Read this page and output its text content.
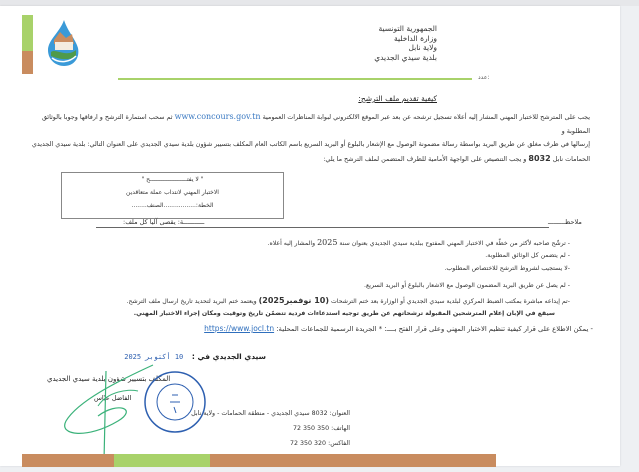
الجمهورية التونسية
وزارة الداخلية
ولاية نابل
بلدية سيدي الجديدي
عدد:
كيفية تقديم ملف الترشح:
يجب على المترشح للاختبار المهني المشار إليه أعلاه تسجيل ترشحه عن بعد عبر الموقع الالكتروني لبوابة المناظرات العمومية www.concours.gov.tn ثم سحب استمارة الترشح و ارفاقها وجوبا بالوثائق المطلوبة و
إرسالها في ظرف مغلق عن طريق البريد بواسطة رسالة مضمونة الوصول مع الإشعار بالبلوغ أو البريد السريع باسم الكاتب العام المكلف بتسيير شؤون بلدية سيدي الجديدي على العنوان التالي: بلدية سيدي الجديدي
الحمامات نابل 8032 و يجب التنصيص على الواجهة الأمامية للظرف المتضمن لملف الترشح ما يلي:
" لا يفتـــــــــــــــــــــح "
الاختبار المهني لانتداب عملة متعاقدين
الخطة:.................الصنف........
ملاحظـــــــــ
ـــــــــــة: يقصى آليا كل ملف:
- ترشّح صاحبه لأكثر من خطّة في الاختبار المهني المفتوح ببلدية سيدي الجديدي بعنوان سنة 2025 والمشار إليه أعلاه.
- لم يتضمن كل الوثائق المطلوبة.
-لا يستجيب لشروط الترشح للاختصاص المطلوب.
- لم يصل عن طريق البريد المضمون الوصول مع الاشعار بالبلوغ أو البريد السريع.
-تم إيداعه مباشرة بمكتب الضبط المركزي لبلدية سيدي الجديدي أو الوزارة بعد ختم الترشحات (10 نوفمبر2025) ويعتمد ختم البريد لتحديد تاريخ ارسال ملف الترشح.
سيقع في الإبان إعلام المترشحين المقبولة ترشحاتهم عن طريق توجيه استدعاءات فردية تتضمّن تاريخ وتوقيت ومكان إجراء الاختبار المهني.
- يمكن الاطلاع على قرار كيفية تنظيم الاختبار المهني وعلى قرار الفتح بــــ: * الجريدة الرسمية للجماعات المحلية: https://www.jocl.tn
سيدي الجديدي في : 10 أكتوبر 2025
المكلف بتسيير شؤون بلدية سيدي الجديدي
الفاضل عيّاس
العنوان: 8032 سيدي الجديدي - منطقة الحمامات - ولاية نابل
الهاتف: 350 350 72
الفاكس: 320 350 72
